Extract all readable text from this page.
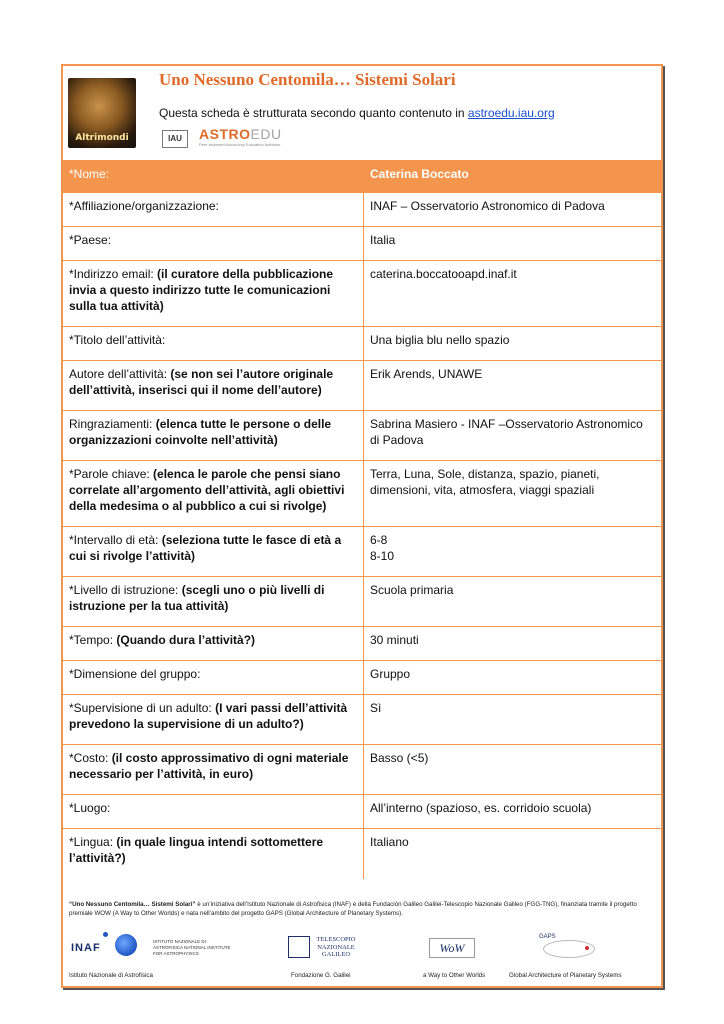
Altrimondi
Uno Nessuno Centomila… Sistemi Solari
Questa scheda è strutturata secondo quanto contenuto in astroedu.iau.org
IAU	ASTROEDU
Peer-reviewed Astronomy Education Activities
*Nome:	Caterina Boccato

*Affiliazione/organizzazione:	INAF – Osservatorio Astronomico di Padova

*Paese:	Italia

*Indirizzo email: (il curatore della pubblicazione invia a questo indirizzo tutte le comunicazioni sulla tua attività)	caterina.boccatooapd.inaf.it

*Titolo dell’attività:	Una biglia blu nello spazio

Autore dell’attività: (se non sei l’autore originale dell’attività, inserisci qui il nome dell’autore)	Erik Arends, UNAWE

Ringraziamenti: (elenca tutte le persone o delle organizzazioni coinvolte nell’attività)	Sabrina Masiero - INAF –Osservatorio Astronomico di Padova

*Parole chiave: (elenca le parole che pensi siano correlate all’argomento dell’attività, agli obiettivi della medesima o al pubblico a cui si rivolge)	Terra, Luna, Sole, distanza, spazio, pianeti, dimensioni, vita, atmosfera, viaggi spaziali

*Intervallo di età: (seleziona tutte le fasce di età a cui si rivolge l’attività)	6-8
8-10

*Livello di istruzione: (scegli uno o più livelli di istruzione per la tua attività)	Scuola primaria

*Tempo: (Quando dura l’attività?)	30 minuti

*Dimensione del gruppo:	Gruppo

*Supervisione di un adulto: (I vari passi dell’attività prevedono la supervisione di un adulto?)	Sì

*Costo: (il costo approssimativo di ogni materiale necessario per l’attività, in euro)	Basso (<5)

*Luogo:	All’interno (spazioso, es. corridoio scuola)

*Lingua: (in quale lingua intendi sottomettere l’attività?)	Italiano
“Uno Nessuno Centomila… Sistemi Solari” è un’iniziativa dell’Istituto Nazionale di Astrofisica (INAF) e della Fundación Galileo Galilei-Telescopio Nazionale Galileo (FGG-TNG), finanziata tramite il progetto premiale WOW (A Way to Other Worlds) e nata nell’ambito del progetto GAPS (Global Architecture of Planetary Systems).
INAF
ISTITUTO NAZIONALE DI ASTROFISICA NATIONAL INSTITUTE FOR ASTROPHYSICS
TELESCOPIO NAZIONALE GALILEO	WoW
GAPS
Istituto Nazionale di Astrofisica	Fondazione G. Galilei	a Way to Other Worlds	Global Architecture of Planetary Systems
